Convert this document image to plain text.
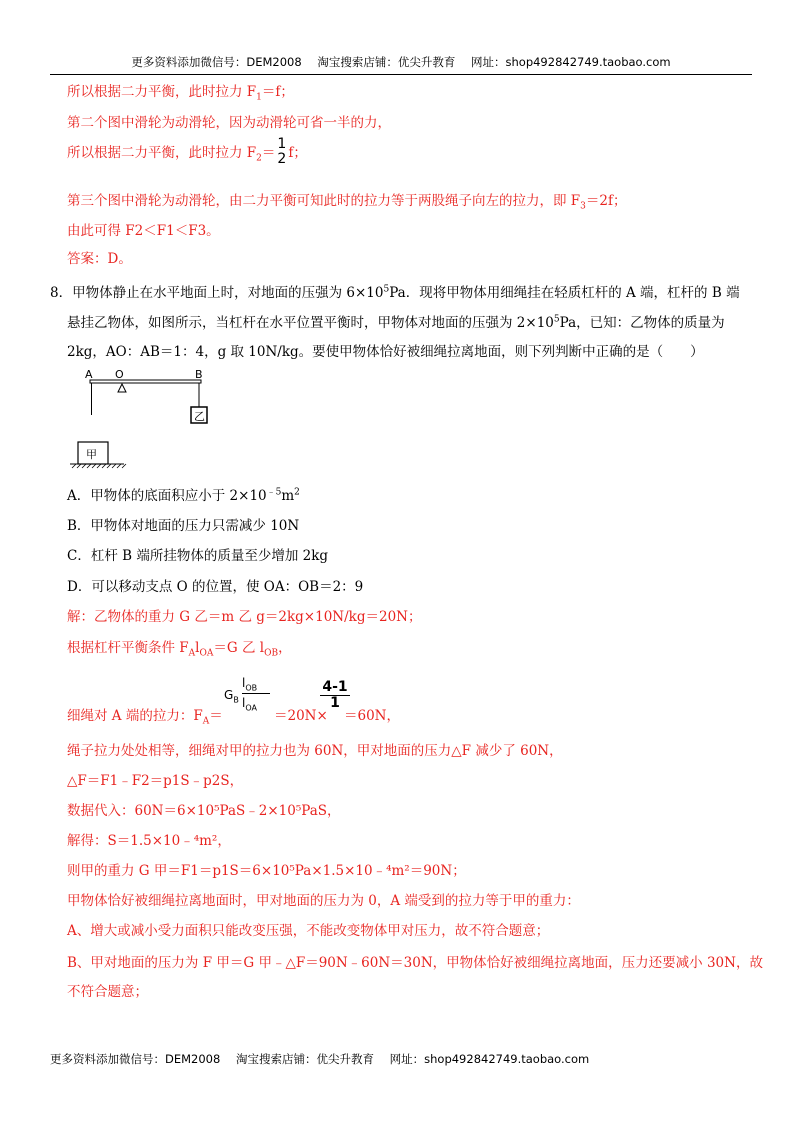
更多资料添加微信号：DEM2008 淘宝搜索店铺：优尖升教育 网址：shop492842749.taobao.com
所以根据二力平衡，此时拉力 $F_1=f$；
第二个图中滑轮为动滑轮，因为动滑轮可省一半的力，
所以根据二力平衡，此时拉力 $F_2=$
1
2 f；
第三个图中滑轮为动滑轮，由二力平衡可知此时的拉力等于两股绳子向左的拉力，即 $F_3=2f$；
由此可得 F2＜F1＜F3。
答案：D。
8．甲物体静止在水平地面上时，对地面的压强为 $6\times 10^5Pa$．现将甲物体用细绳挂在轻质杠杆的 A 端，杠杆的 B 端
悬挂乙物体，如图所示，当杠杆在水平位置平衡时，甲物体对地面的压强为 $2\times 10^5Pa$，已知：乙物体的质量为
2kg，AO：AB＝1：4，g 取 10N/kg。要使甲物体恰好被细绳拉离地面，则下列判断中正确的是（　　）
A O	B
乙
甲
A．甲物体的底面积应小于 $2\times 10^{﹣5}m^2$
B．甲物体对地面的压力只需减少 10N
C．杠杆 B 端所挂物体的质量至少增加 2kg
D．可以移动支点 O 的位置，使 OA：OB＝2：9
解：乙物体的重力 G 乙＝m 乙 g＝2kg×10N/kg＝20N；
根据杠杆平衡条件 $F_Al_{OA}=G$ 乙 $l_{OB}$，
$G_B$
$l_{OB}$
$l_{OA}$
4-1
1
细绳对 A 端的拉力：$F_A=$	＝20N× ＝60N，
绳子拉力处处相等，细绳对甲的拉力也为 60N，甲对地面的压力△F 减少了 60N，
△F＝F1﹣F2＝p1S﹣p2S，
数据代入：60N＝6×10⁵PaS﹣2×10⁵PaS，
解得：S＝1.5×10﹣⁴m²，
则甲的重力 G 甲＝F1＝p1S＝6×10⁵Pa×1.5×10﹣⁴m²＝90N；
甲物体恰好被细绳拉离地面时，甲对地面的压力为 0，A 端受到的拉力等于甲的重力：
A、增大或减小受力面积只能改变压强，不能改变物体甲对压力，故不符合题意；
B、甲对地面的压力为 F 甲＝G 甲﹣△F＝90N﹣60N＝30N，甲物体恰好被细绳拉离地面，压力还要减小 30N，故
不符合题意；
更多资料添加微信号：DEM2008 淘宝搜索店铺：优尖升教育 网址：shop492842749.taobao.com
